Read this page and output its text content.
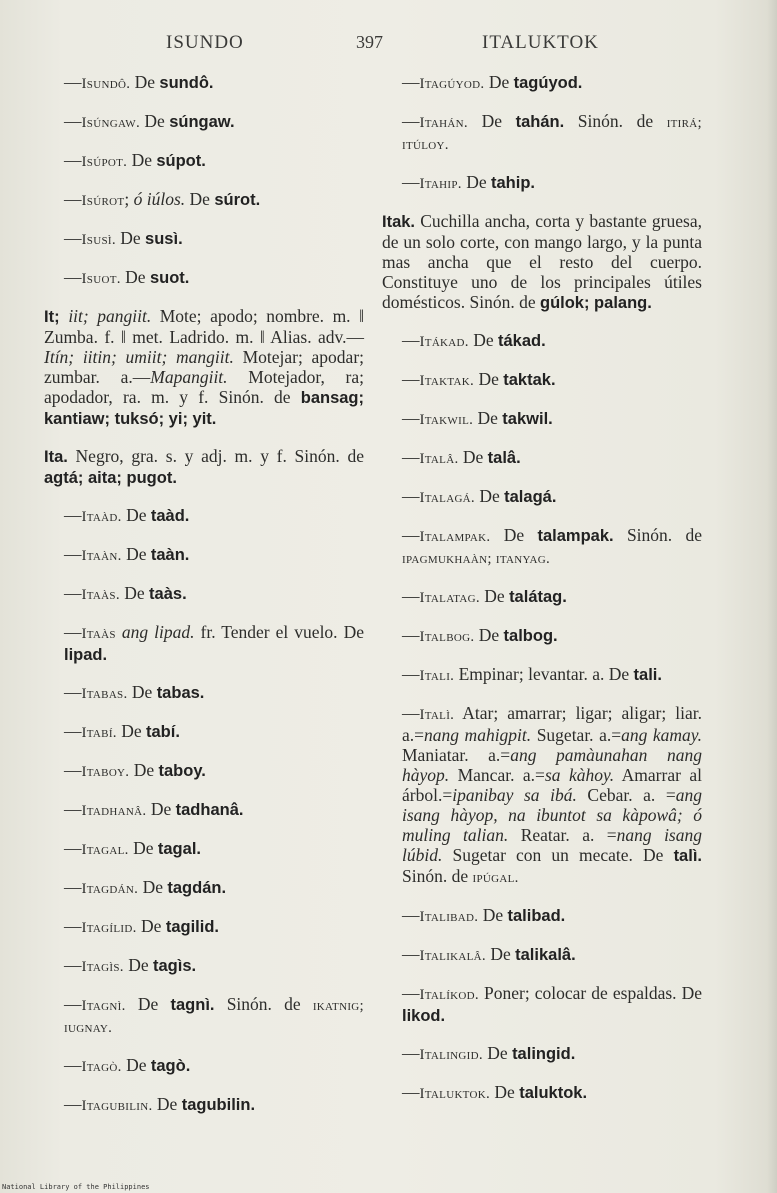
ISUNDO	397	ITALUKTOK

—Isundô. De sundô.

—Isúngaw. De súngaw.

—Isúpot. De súpot.

—Isúrot; ó iúlos. De súrot.

—Isusì. De susì.

—Isuot. De suot.

It; iit; pangiit. Mote; apodo; nombre. m. ‖ Zumba. f. ‖ met. Ladrido. m. ‖ Alias. adv.—Itín; iitin; umiit; mangiit. Motejar; apodar; zumbar. a.—Mapangiit. Motejador, ra; apodador, ra. m. y f. Sinón. de bansag; kantiaw; tuksó; yi; yit.

Ita. Negro, gra. s. y adj. m. y f. Sinón. de agtá; aita; pugot.

—Itaàd. De taàd.

—Itaàn. De taàn.

—Itaàs. De taàs.

—Itaàs ang lipad. fr. Tender el vuelo. De lipad.

—Itabas. De tabas.

—Itabí. De tabí.

—Itaboy. De taboy.

—Itadhanâ. De tadhanâ.

—Itagal. De tagal.

—Itagdán. De tagdán.

—Itagílid. De tagilid.

—Itagìs. De tagìs.

—Itagnì. De tagnì. Sinón. de ikatnig; iugnay.

—Itagò. De tagò.

—Itagubilin. De tagubilin.

—Itagúyod. De tagúyod.

—Itahán. De tahán. Sinón. de itirá; itúloy.

—Itahip. De tahip.

Itak. Cuchilla ancha, corta y bastante gruesa, de un solo corte, con mango largo, y la punta mas ancha que el resto del cuerpo. Constituye uno de los principales útiles domésticos. Sinón. de gúlok; palang.

—Itákad. De tákad.

—Itaktak. De taktak.

—Itakwil. De takwil.

—Italâ. De talâ.

—Italagá. De talagá.

—Italampak. De talampak. Sinón. de ipagmukhaàn; itanyag.

—Italatag. De talátag.

—Italbog. De talbog.

—Itali. Empinar; levantar. a. De tali.

—Italì. Atar; amarrar; ligar; aligar; liar. a.=nang mahigpit. Sugetar. a.=ang kamay. Maniatar. a.=ang pamàunahan nang hàyop. Mancar. a.=sa kàhoy. Amarrar al árbol.=ipanibay sa ibá. Cebar. a. =ang isang hàyop, na ibuntot sa kàpowâ; ó muling talian. Reatar. a. =nang isang lúbid. Sugetar con un mecate. De talì. Sinón. de ipúgal.

—Italibad. De talibad.

—Italikalâ. De talikalâ.

—Italíkod. Poner; colocar de espaldas. De likod.

—Italingid. De talingid.

—Italuktok. De taluktok.

National Library of the Philippines
